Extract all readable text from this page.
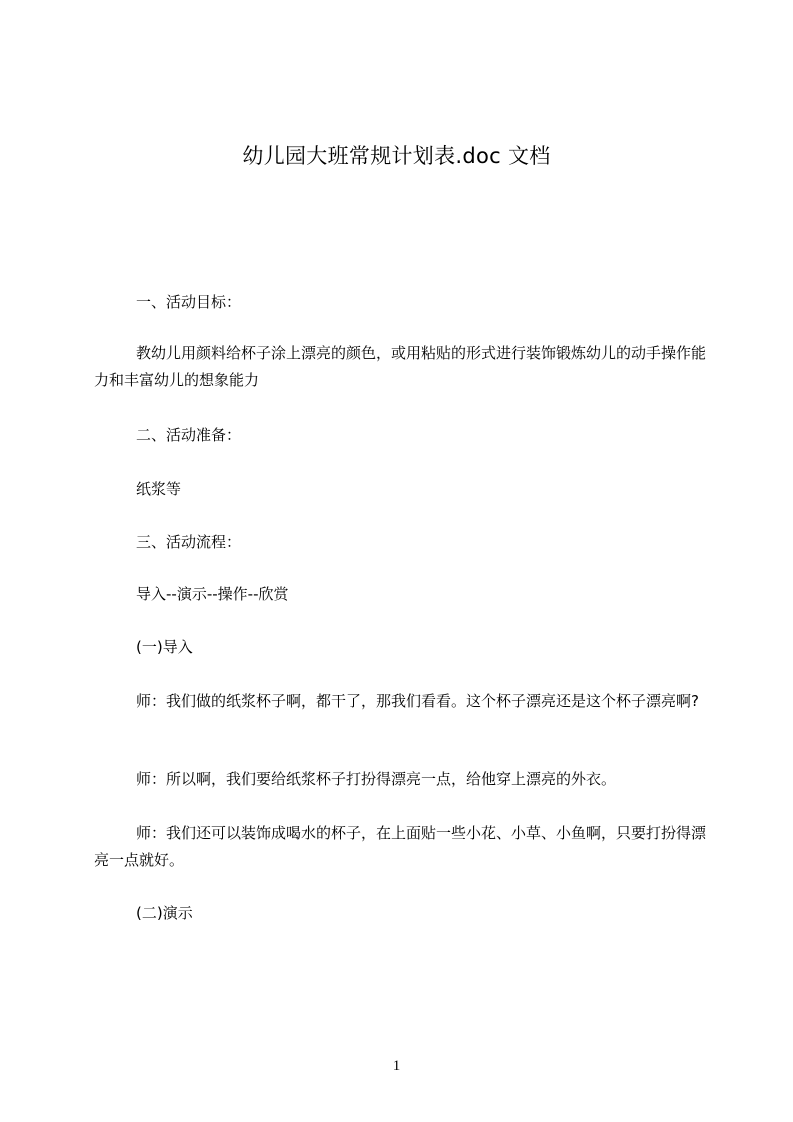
幼儿园大班常规计划表.doc 文档

一、活动目标：

教幼儿用颜料给杯子涂上漂亮的颜色，或用粘贴的形式进行装饰锻炼幼儿的动手操作能力和丰富幼儿的想象能力

二、活动准备：

纸浆等

三、活动流程：

导入--演示--操作--欣赏

(一)导入

师：我们做的纸浆杯子啊，都干了，那我们看看。这个杯子漂亮还是这个杯子漂亮啊?

师：所以啊，我们要给纸浆杯子打扮得漂亮一点，给他穿上漂亮的外衣。

师：我们还可以装饰成喝水的杯子，在上面贴一些小花、小草、小鱼啊，只要打扮得漂亮一点就好。

(二)演示

1
